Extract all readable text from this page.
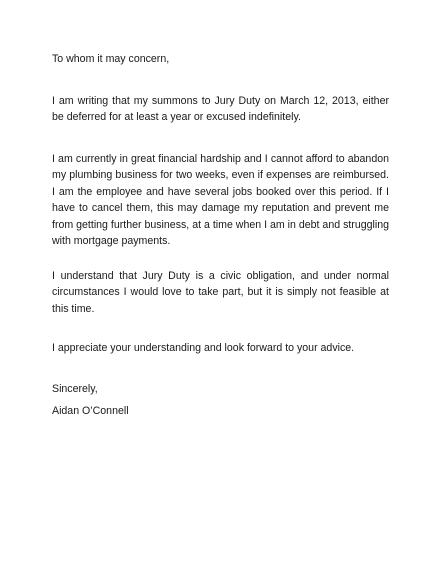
To whom it may concern,

I am writing that my summons to Jury Duty on March 12, 2013, either be deferred for at least a year or excused indefinitely.

I am currently in great financial hardship and I cannot afford to abandon my plumbing business for two weeks, even if expenses are reimbursed. I am the employee and have several jobs booked over this period. If I have to cancel them, this may damage my reputation and prevent me from getting further business, at a time when I am in debt and struggling with mortgage payments.

I understand that Jury Duty is a civic obligation, and under normal circumstances I would love to take part, but it is simply not feasible at this time.

I appreciate your understanding and look forward to your advice.

Sincerely,

Aidan O’Connell
